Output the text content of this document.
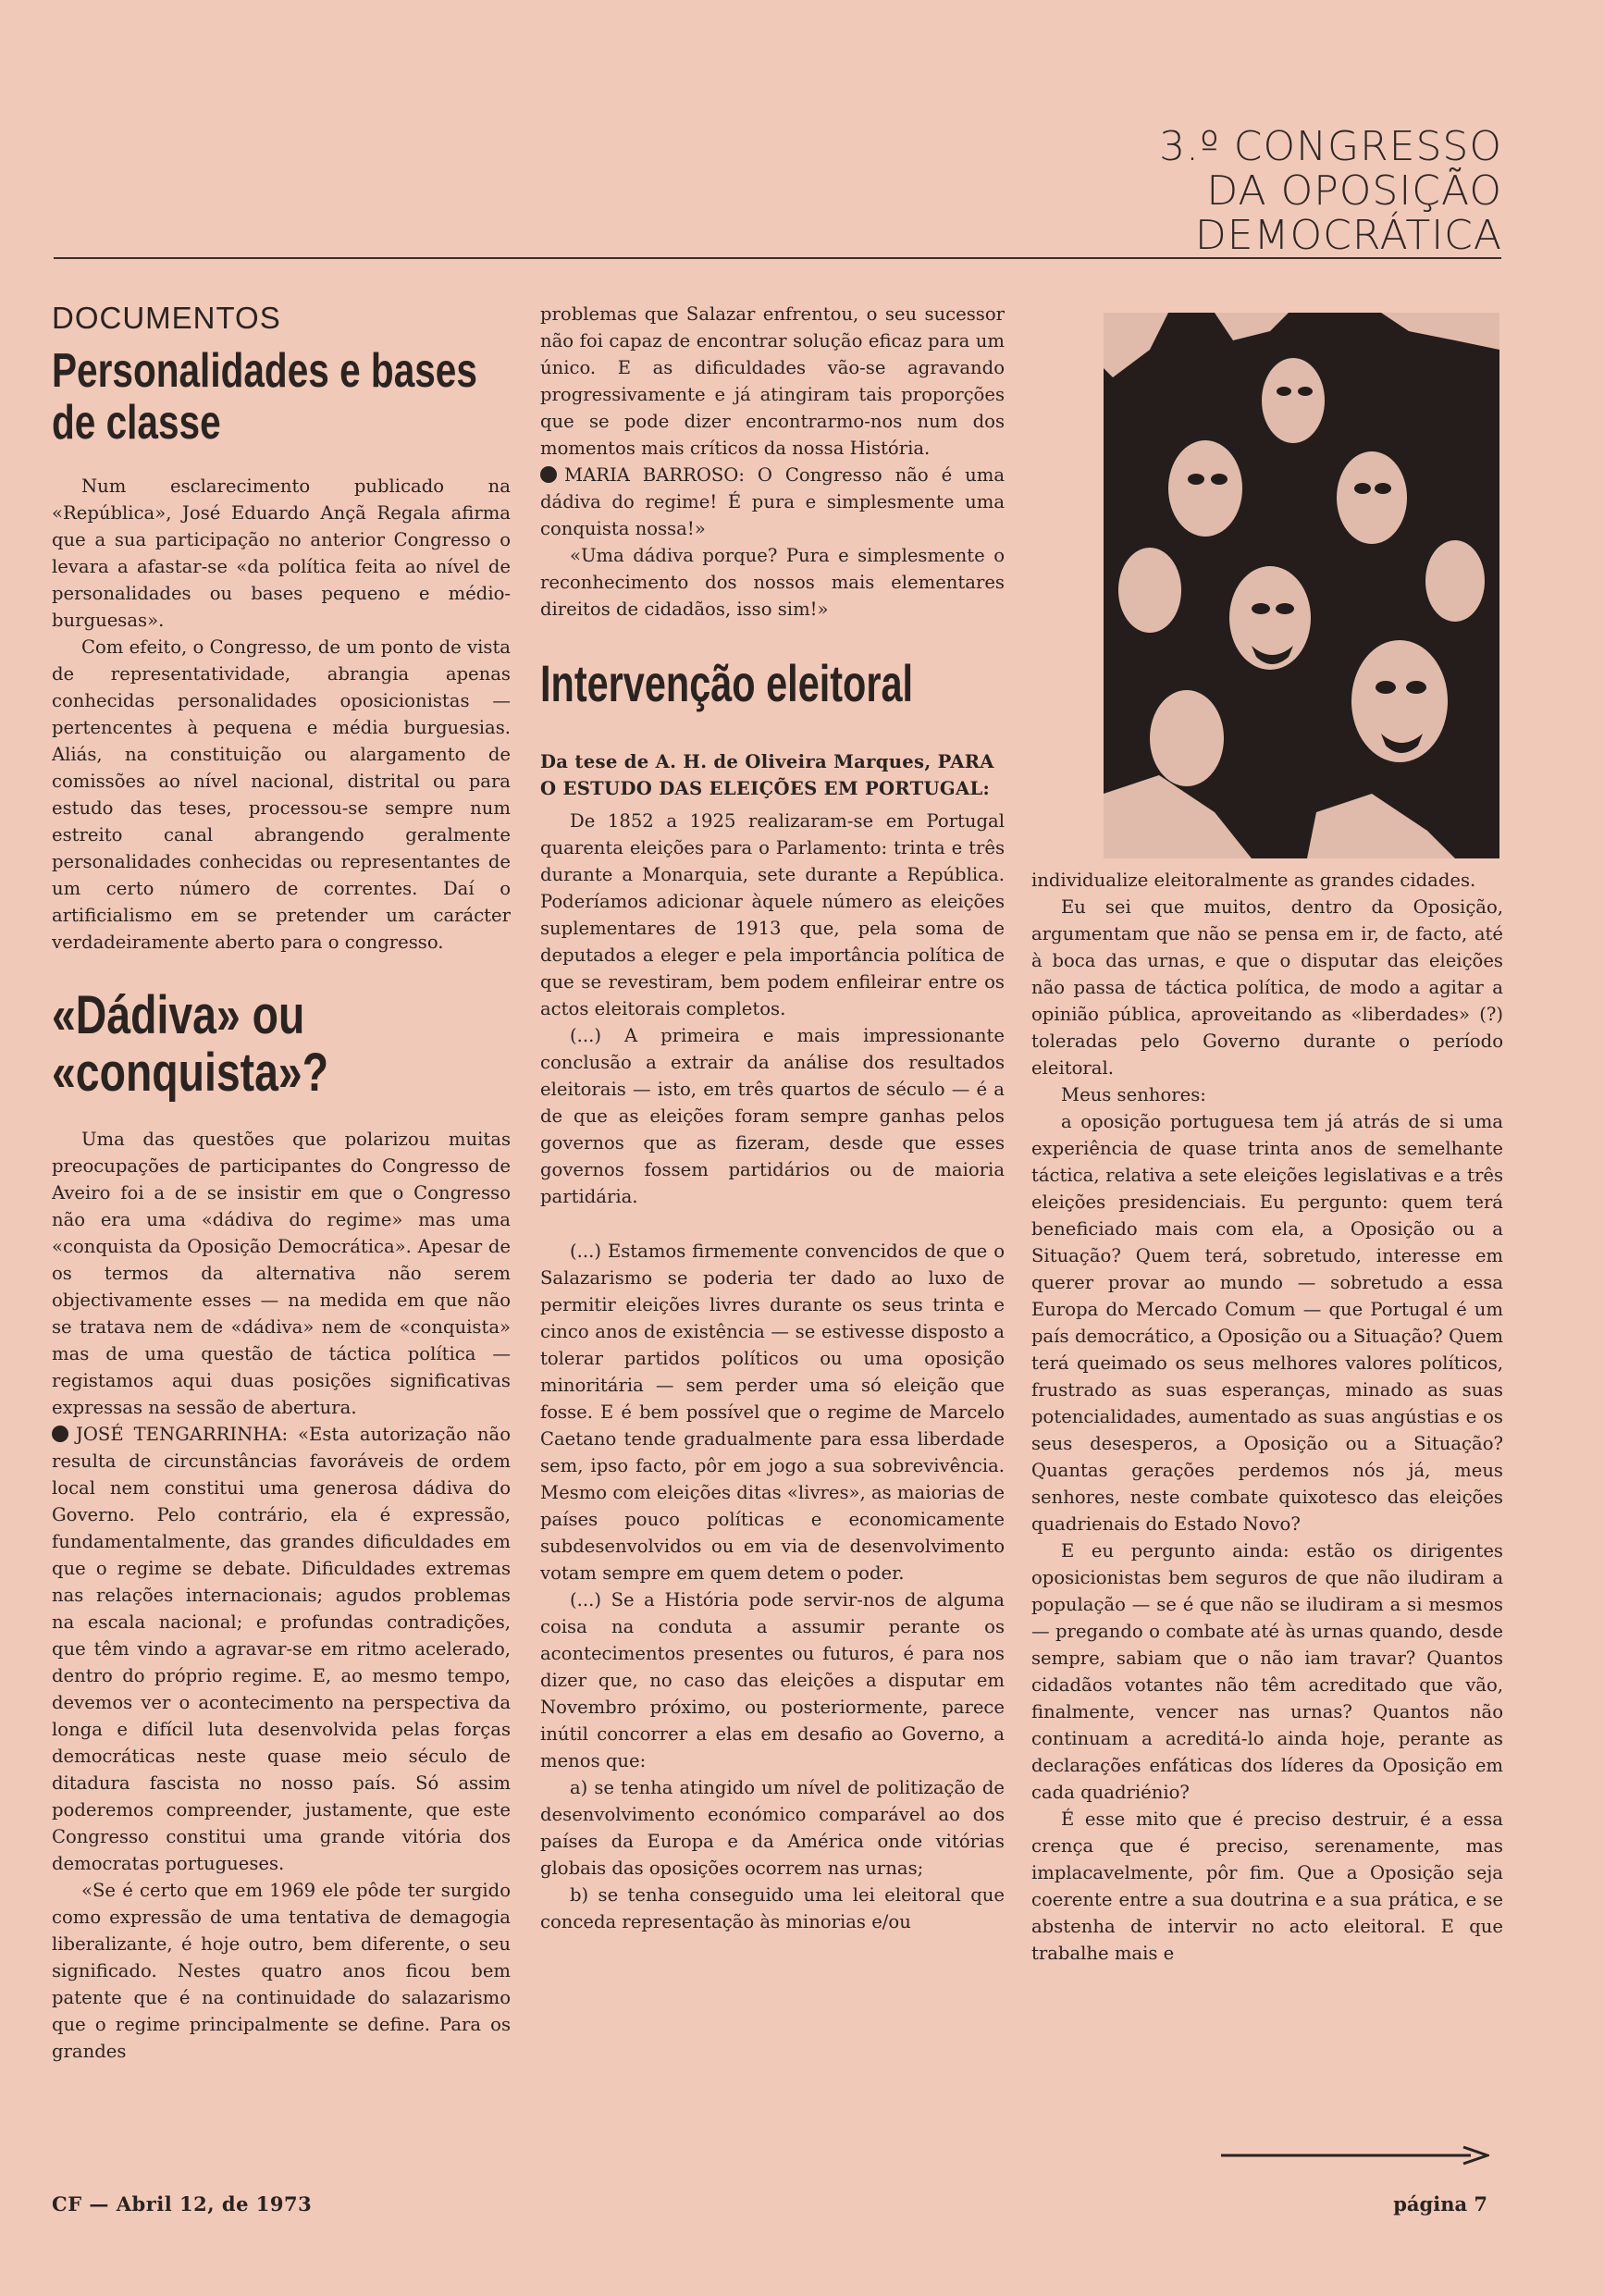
3.º CONGRESSO
DA OPOSIÇÃO
DEMOCRÁTICA
DOCUMENTOS
Personalidades e bases de classe

Num esclarecimento publicado na «República», José Eduardo Ançã Regala afirma que a sua participação no anterior Congresso o levara a afastar-se «da política feita ao nível de personalidades ou bases pequeno e médio-burguesas».

Com efeito, o Congresso, de um ponto de vista de representatividade, abrangia apenas conhecidas personalidades oposicionistas — pertencentes à pequena e média burguesias. Aliás, na constituição ou alargamento de comissões ao nível nacional, distrital ou para estudo das teses, processou-se sempre num estreito canal abrangendo geralmente personalidades conhecidas ou representantes de um certo número de correntes. Daí o artificialismo em se pretender um carácter verdadeiramente aberto para o congresso.

«Dádiva» ou «conquista»?

Uma das questões que polarizou muitas preocupações de participantes do Congresso de Aveiro foi a de se insistir em que o Congresso não era uma «dádiva do regime» mas uma «conquista da Oposição Democrática». Apesar de os termos da alternativa não serem objectivamente esses — na medida em que não se tratava nem de «dádiva» nem de «conquista» mas de uma questão de táctica política — registamos aqui duas posições significativas expressas na sessão de abertura.

JOSÉ TENGARRINHA: «Esta autorização não resulta de circunstâncias favoráveis de ordem local nem constitui uma generosa dádiva do Governo. Pelo contrário, ela é expressão, fundamentalmente, das grandes dificuldades em que o regime se debate. Dificuldades extremas nas relações internacionais; agudos problemas na escala nacional; e profundas contradições, que têm vindo a agravar-se em ritmo acelerado, dentro do próprio regime. E, ao mesmo tempo, devemos ver o acontecimento na perspectiva da longa e difícil luta desenvolvida pelas forças democráticas neste quase meio século de ditadura fascista no nosso país. Só assim poderemos compreender, justamente, que este Congresso constitui uma grande vitória dos democratas portugueses.

«Se é certo que em 1969 ele pôde ter surgido como expressão de uma tentativa de demagogia liberalizante, é hoje outro, bem diferente, o seu significado. Nestes quatro anos ficou bem patente que é na continuidade do salazarismo que o regime principalmente se define. Para os grandes

problemas que Salazar enfrentou, o seu sucessor não foi capaz de encontrar solução eficaz para um único. E as dificuldades vão-se agravando progressivamente e já atingiram tais proporções que se pode dizer encontrarmo-nos num dos momentos mais críticos da nossa História.

MARIA BARROSO: O Congresso não é uma dádiva do regime! É pura e simplesmente uma conquista nossa!»

«Uma dádiva porque? Pura e simplesmente o reconhecimento dos nossos mais elementares direitos de cidadãos, isso sim!»

Intervenção eleitoral
Da tese de A. H. de Oliveira Marques, PARA O ESTUDO DAS ELEIÇÕES EM PORTUGAL:

De 1852 a 1925 realizaram-se em Portugal quarenta eleições para o Parlamento: trinta e três durante a Monarquia, sete durante a República. Poderíamos adicionar àquele número as eleições suplementares de 1913 que, pela soma de deputados a eleger e pela importância política de que se revestiram, bem podem enfileirar entre os actos eleitorais completos.

(...) A primeira e mais impressionante conclusão a extrair da análise dos resultados eleitorais — isto, em três quartos de século — é a de que as eleições foram sempre ganhas pelos governos que as fizeram, desde que esses governos fossem partidários ou de maioria partidária.

(...) Estamos firmemente convencidos de que o Salazarismo se poderia ter dado ao luxo de permitir eleições livres durante os seus trinta e cinco anos de existência — se estivesse disposto a tolerar partidos políticos ou uma oposição minoritária — sem perder uma só eleição que fosse. E é bem possível que o regime de Marcelo Caetano tende gradualmente para essa liberdade sem, ipso facto, pôr em jogo a sua sobrevivência. Mesmo com eleições ditas «livres», as maiorias de países pouco políticas e economicamente subdesenvolvidos ou em via de desenvolvimento votam sempre em quem detem o poder.

(...) Se a História pode servir-nos de alguma coisa na conduta a assumir perante os acontecimentos presentes ou futuros, é para nos dizer que, no caso das eleições a disputar em Novembro próximo, ou posteriormente, parece inútil concorrer a elas em desafio ao Governo, a menos que:

a) se tenha atingido um nível de politização de desenvolvimento económico comparável ao dos países da Europa e da América onde vitórias globais das oposições ocorrem nas urnas;

b) se tenha conseguido uma lei eleitoral que conceda representação às minorias e/ou

individualize eleitoralmente as grandes cidades.

Eu sei que muitos, dentro da Oposição, argumentam que não se pensa em ir, de facto, até à boca das urnas, e que o disputar das eleições não passa de táctica política, de modo a agitar a opinião pública, aproveitando as «liberdades» (?) toleradas pelo Governo durante o período eleitoral.

Meus senhores:

a oposição portuguesa tem já atrás de si uma experiência de quase trinta anos de semelhante táctica, relativa a sete eleições legislativas e a três eleições presidenciais. Eu pergunto: quem terá beneficiado mais com ela, a Oposição ou a Situação? Quem terá, sobretudo, interesse em querer provar ao mundo — sobretudo a essa Europa do Mercado Comum — que Portugal é um país democrático, a Oposição ou a Situação? Quem terá queimado os seus melhores valores políticos, frustrado as suas esperanças, minado as suas potencialidades, aumentado as suas angústias e os seus desesperos, a Oposição ou a Situação? Quantas gerações perdemos nós já, meus senhores, neste combate quixotesco das eleições quadrienais do Estado Novo?

E eu pergunto ainda: estão os dirigentes oposicionistas bem seguros de que não iludiram a população — se é que não se iludiram a si mesmos — pregando o combate até às urnas quando, desde sempre, sabiam que o não iam travar? Quantos cidadãos votantes não têm acreditado que vão, finalmente, vencer nas urnas? Quantos não continuam a acreditá-lo ainda hoje, perante as declarações enfáticas dos líderes da Oposição em cada quadriénio?

É esse mito que é preciso destruir, é a essa crença que é preciso, serenamente, mas implacavelmente, pôr fim. Que a Oposição seja coerente entre a sua doutrina e a sua prática, e se abstenha de intervir no acto eleitoral. E que trabalhe mais e

CF — Abril 12, de 1973	página 7
